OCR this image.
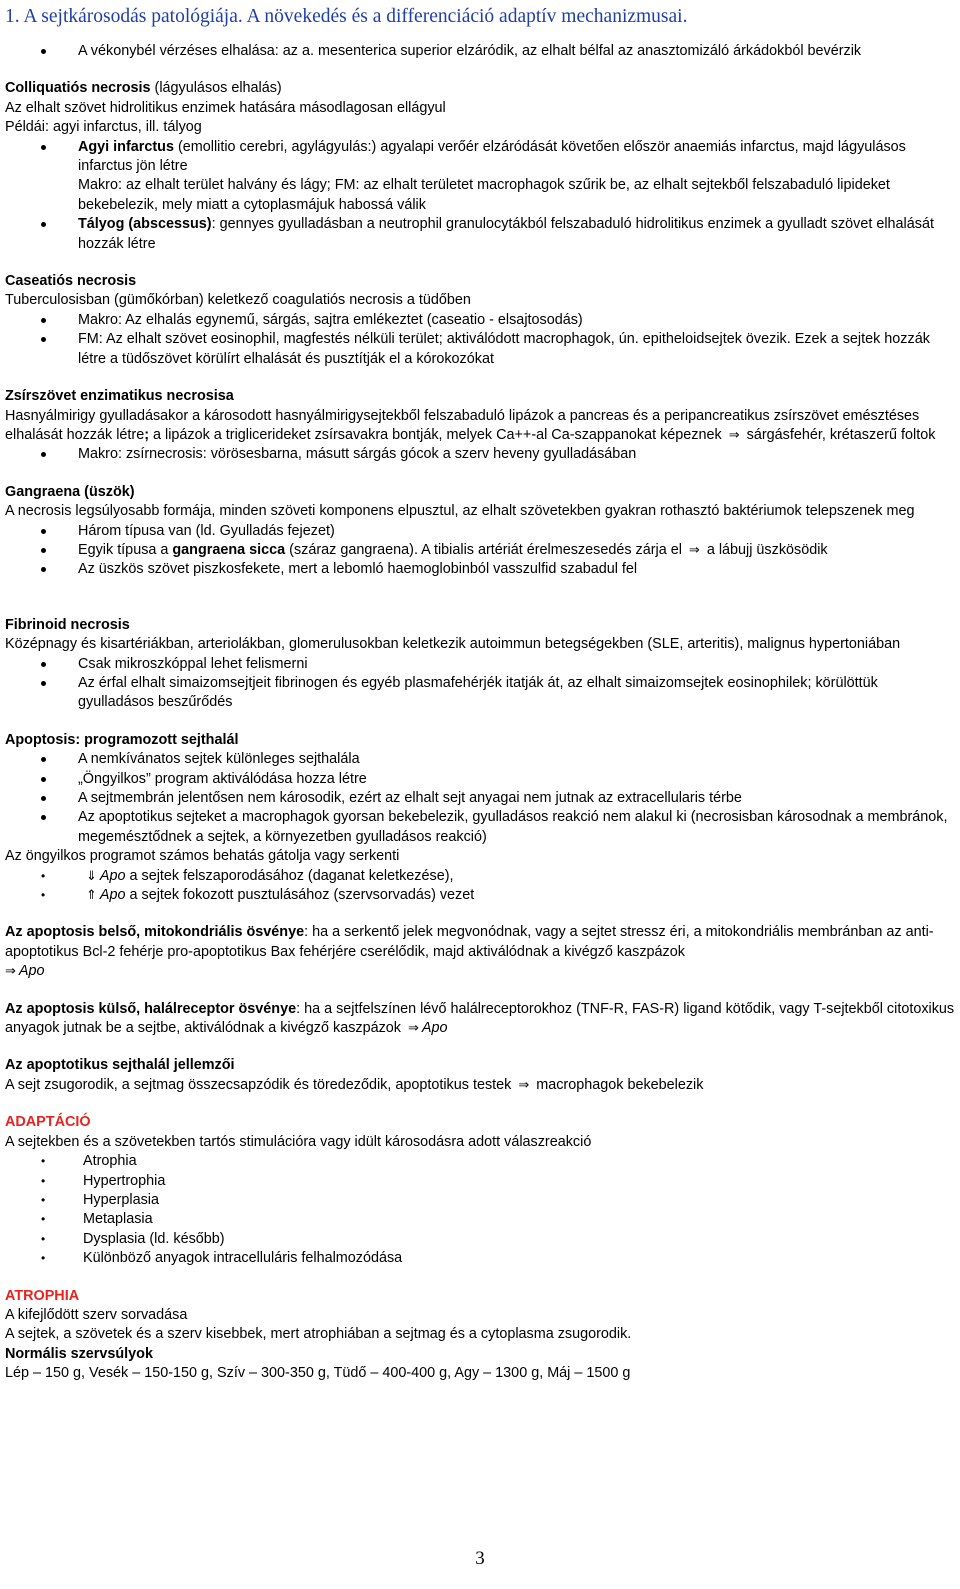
1. A sejtkárosodás patológiája. A növekedés és a differenciáció adaptív mechanizmusai.
A vékonybél vérzéses elhalása: az a. mesenterica superior elzáródik, az elhalt bélfal az anasztomizáló árkádokból bevérzik

Colliquatiós necrosis (lágyulásos elhalás)

Az elhalt szövet hidrolitikus enzimek hatására másodlagosan ellágyul

Példái: agyi infarctus, ill. tályog

Agyi infarctus (emollitio cerebri, agylágyulás:) agyalapi verőér elzáródását követően először anaemiás infarctus, majd lágyulásos infarctus jön létre
Makro: az elhalt terület halvány és lágy; FM: az elhalt területet macrophagok szűrik be, az elhalt sejtekből felszabaduló lipideket bekebelezik, mely miatt a cytoplasmájuk habossá válik
Tályog (abscessus): gennyes gyulladásban a neutrophil granulocytákból felszabaduló hidrolitikus enzimek a gyulladt szövet elhalását hozzák létre

Caseatiós necrosis

Tuberculosisban (gümőkórban) keletkező coagulatiós necrosis a tüdőben

Makro: Az elhalás egynemű, sárgás, sajtra emlékeztet (caseatio - elsajtosodás)
FM: Az elhalt szövet eosinophil, magfestés nélküli terület; aktiválódott macrophagok, ún. epitheloidsejtek övezik. Ezek a sejtek hozzák létre a tüdőszövet körülírt elhalását és pusztítják el a kórokozókat

Zsírszövet enzimatikus necrosisa

Hasnyálmirigy gyulladásakor a károsodott hasnyálmirigysejtekből felszabaduló lipázok a pancreas és a peripancreatikus zsírszövet emésztéses elhalását hozzák létre; a lipázok a triglicerideket zsírsavakra bontják, melyek Ca++-al Ca-szappanokat képeznek ⇒ sárgásfehér, krétaszerű foltok

Makro: zsírnecrosis: vörösesbarna, másutt sárgás gócok a szerv heveny gyulladásában

Gangraena (üszök)

A necrosis legsúlyosabb formája, minden szöveti komponens elpusztul, az elhalt szövetekben gyakran rothasztó baktériumok telepszenek meg

Három típusa van (ld. Gyulladás fejezet)
Egyik típusa a gangraena sicca (száraz gangraena). A tibialis artériát érelmeszesedés zárja el ⇒ a lábujj üszkösödik
Az üszkös szövet piszkosfekete, mert a lebomló haemoglobinból vasszulfid szabadul fel

Fibrinoid necrosis

Középnagy és kisartériákban, arteriolákban, glomerulusokban keletkezik autoimmun betegségekben (SLE, arteritis), malignus hypertoniában

Csak mikroszkóppal lehet felismerni
Az érfal elhalt simaizomsejtjeit fibrinogen és egyéb plasmafehérjék itatják át, az elhalt simaizomsejtek eosinophilek; körülöttük gyulladásos beszűrődés

Apoptosis: programozott sejthalál

A nemkívánatos sejtek különleges sejthalála
„Öngyilkos” program aktiválódása hozza létre
A sejtmembrán jelentősen nem károsodik, ezért az elhalt sejt anyagai nem jutnak az extracellularis térbe
Az apoptotikus sejteket a macrophagok gyorsan bekebelezik, gyulladásos reakció nem alakul ki (necrosisban károsodnak a membránok, megemésztődnek a sejtek, a környezetben gyulladásos reakció)

Az öngyilkos programot számos behatás gátolja vagy serkenti

• ⇓ Apo a sejtek felszaporodásához (daganat keletkezése),
• ⇑ Apo a sejtek fokozott pusztulásához (szervsorvadás) vezet

Az apoptosis belső, mitokondriális ösvénye: ha a serkentő jelek megvonódnak, vagy a sejtet stressz éri, a mitokondriális membránban az anti-apoptotikus Bcl-2 fehérje pro-apoptotikus Bax fehérjére cserélődik, majd aktiválódnak a kivégző kaszpázok
⇒ Apo

Az apoptosis külső, halálreceptor ösvénye: ha a sejtfelszínen lévő halálreceptorokhoz (TNF-R, FAS-R) ligand kötődik, vagy T-sejtekből citotoxikus anyagok jutnak be a sejtbe, aktiválódnak a kivégző kaszpázok ⇒ Apo

Az apoptotikus sejthalál jellemzői

A sejt zsugorodik, a sejtmag összecsapzódik és töredeződik, apoptotikus testek ⇒ macrophagok bekebelezik

ADAPTÁCIÓ

A sejtekben és a szövetekben tartós stimulációra vagy idült károsodásra adott válaszreakció

• Atrophia
• Hypertrophia
• Hyperplasia
• Metaplasia
• Dysplasia (ld. később)
• Különböző anyagok intracelluláris felhalmozódása

ATROPHIA

A kifejlődött szerv sorvadása

A sejtek, a szövetek és a szerv kisebbek, mert atrophiában a sejtmag és a cytoplasma zsugorodik.

Normális szervsúlyok

Lép – 150 g, Vesék – 150-150 g, Szív – 300-350 g, Tüdő – 400-400 g, Agy – 1300 g, Máj – 1500 g

3
